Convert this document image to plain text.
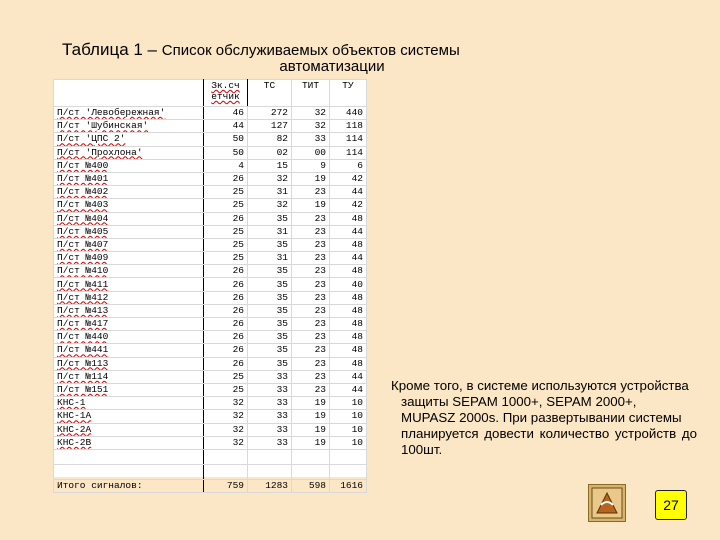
Таблица 1 – Список обслуживаемых объектов системы
автоматизации
	Зк.сч етчик	ТС	ТИТ	ТУ
П/ст 'Левобережная'	46	272	32	440
П/ст 'Шубинская'	44	127	32	118
П/ст 'ЦПС 2'	50	82	33	114
П/ст 'Прохлона'	50	02	00	114
П/ст №400	4	15	9	6
П/ст №401	26	32	19	42
П/ст №402	25	31	23	44
П/ст №403	25	32	19	42
П/ст №404	26	35	23	48
П/ст №405	25	31	23	44
П/ст №407	25	35	23	48
П/ст №409	25	31	23	44
П/ст №410	26	35	23	48
П/ст №411	26	35	23	40
П/ст №412	26	35	23	48
П/ст №413	26	35	23	48
П/ст №417	26	35	23	48
П/ст №440	26	35	23	48
П/ст №441	26	35	23	48
П/ст №113	26	35	23	48
П/ст №114	25	33	23	44
П/ст №151	25	33	23	44
КНС-1	32	33	19	10
КНС-1А	32	33	19	10
КНС-2А	32	33	19	10
КНС-2В	32	33	19	10

Итого сигналов:	759	1283	598	1616

Кроме того, в системе используются устройства

защиты SEPAM 1000+, SEPAM 2000+,

MUPASZ 2000s. При развертывании системы

планируется довести количество устройств до 100шт.

27
